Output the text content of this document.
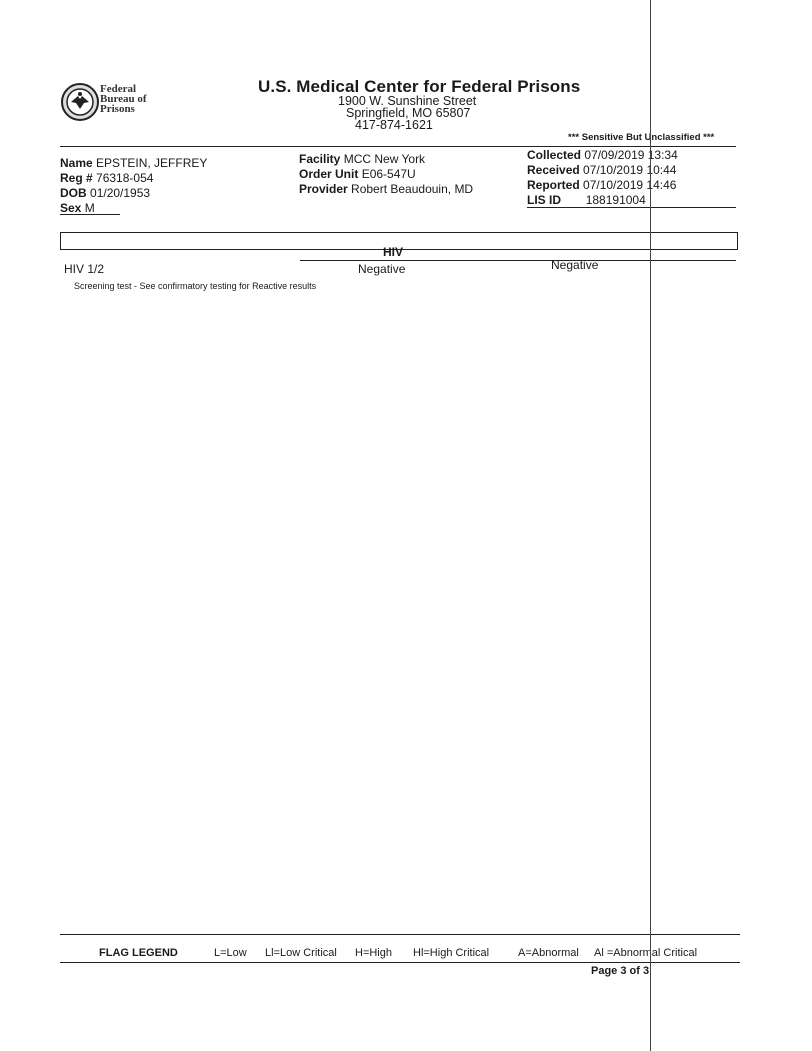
Federal
Bureau of
Prisons
U.S. Medical Center for Federal Prisons
1900 W. Sunshine Street
Springfield, MO 65807
417-874-1621
*** Sensitive But Unclassified ***
Name EPSTEIN, JEFFREY
Reg # 76318-054
DOB 01/20/1953
Sex M
Facility MCC New York
Order Unit E06-547U
Provider Robert Beaudouin, MD
Collected 07/09/2019 13:34
Received 07/10/2019 10:44
Reported 07/10/2019 14:46
LIS ID 188191004
HIV
HIV 1/2	Negative	Negative
Screening test - See confirmatory testing for Reactive results
FLAG LEGEND	L=Low Ll=Low Critical H=High Hl=High Critical	A=Abnormal Al =Abnormal Critical
Page 3 of 3
